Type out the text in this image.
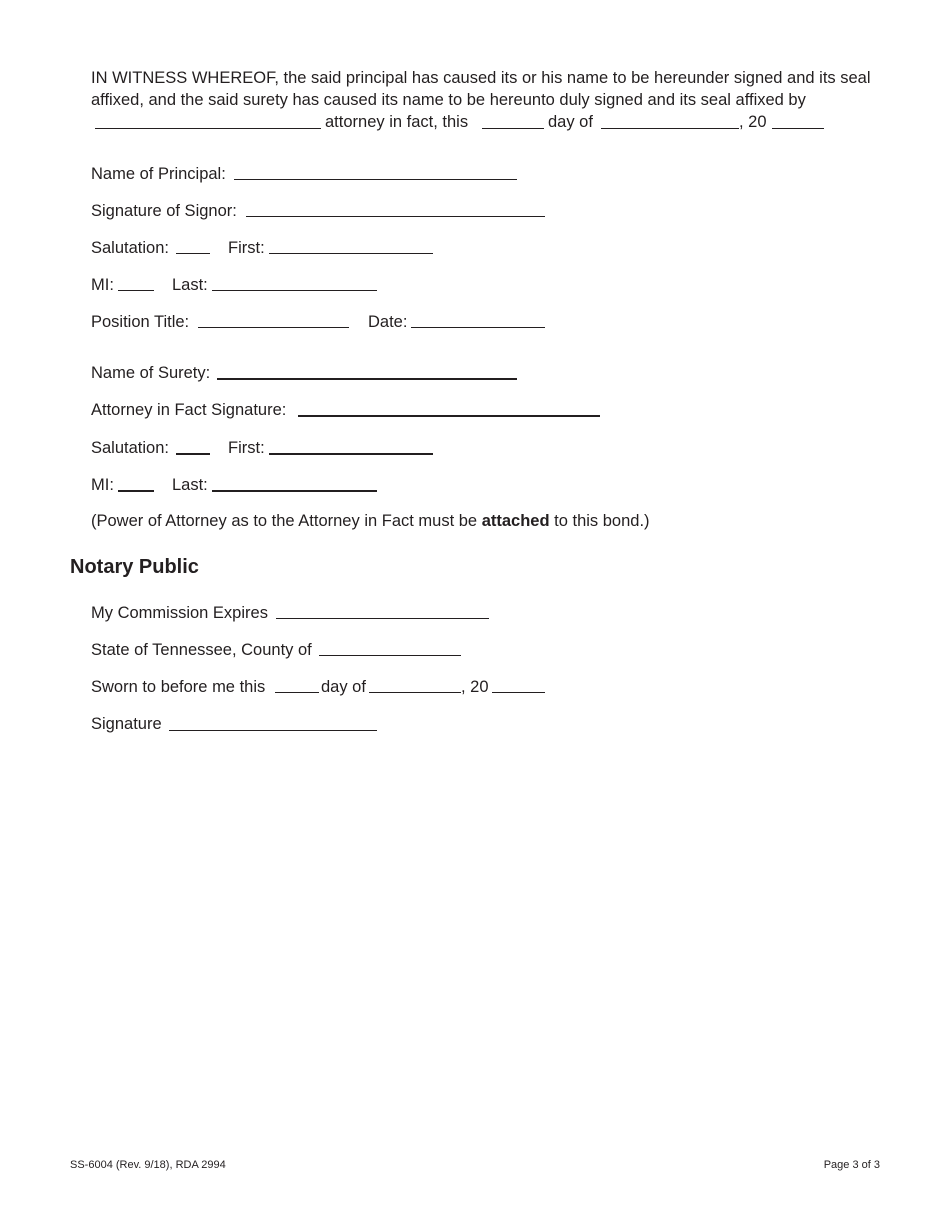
IN WITNESS WHEREOF, the said principal has caused its or his name to be hereunder signed and its seal
affixed, and the said surety has caused its name to be hereunto duly signed and its seal affixed by
attorney in fact, this	day of	, 20
Name of Principal:
Signature of Signor:
Salutation:	First:
MI:	Last:
Position Title:	Date:
Name of Surety:
Attorney in Fact Signature:
Salutation:	First:
MI:	Last:
(Power of Attorney as to the Attorney in Fact must be attached to this bond.)
Notary Public
My Commission Expires
State of Tennessee, County of
Sworn to before me this	day of	, 20
Signature
SS-6004 (Rev. 9/18), RDA 2994	Page 3 of 3
